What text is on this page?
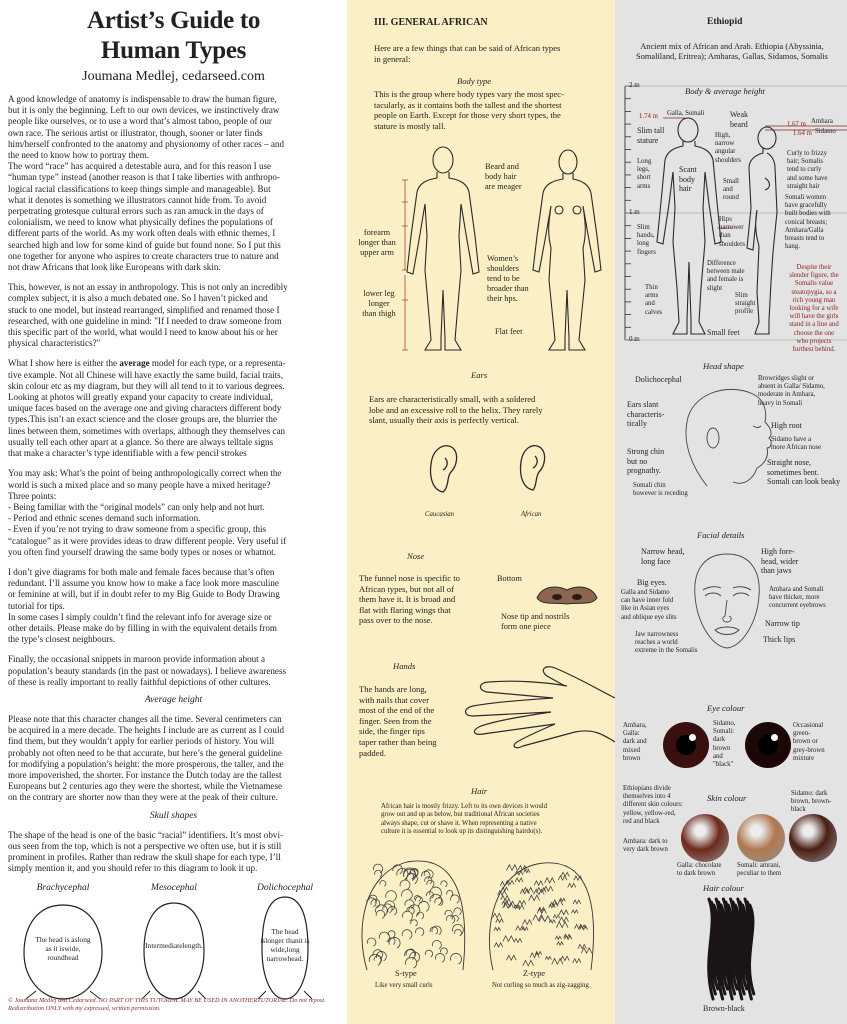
Artist’s Guide to
Human Types
Joumana Medlej, cedarseed.com
A good knowledge of anatomy is indispensable to draw the human figure,
but it is only the beginning. Left to our own devices, we instinctively draw
people like ourselves, or to use a word that’s almost taboo, people of our
own race. The serious artist or illustrator, though, sooner or later finds
him/herself confronted to the anatomy and physionomy of other races – and
the need to know how to portray them.
The word “race” has acquired a detestable aura, and for this reason I use
“human type” instead (another reason is that I take liberties with anthropo-
logical racial classifications to keep things simple and manageable). But
what it denotes is something we illustrators cannot hide from. To avoid
perpetrating grotesque cultural errors such as ran amuck in the days of
colonialism, we need to know what physically defines the populations of
different parts of the world. As my work often deals with ethnic themes, I
searched high and low for some kind of guide but found none. So I put this
one together for anyone who aspires to create characters true to nature and
not draw Africans that look like Europeans with dark skin.
This, however, is not an essay in anthropology. This is not only an incredibly
complex subject, it is also a much debated one. So I haven’t picked and
stuck to one model, but instead rearranged, simplified and renamed those I
researched, with one guideline in mind: "If I needed to draw someone from
this specific part of the world, what would I need to know about his or her
physical characteristics?"
What I show here is either the average model for each type, or a representa-
tive example. Not all Chinese will have exactly the same build, facial traits,
skin colour etc as my diagram, but they will all tend to it to various degrees.
Looking at photos will greatly expand your capacity to create individual,
unique faces based on the average one and giving characters different body
types.This isn’t an exact science and the closer groups are, the blurrier the
lines between them, sometimes with overlaps, although they themselves can
usually tell each other apart at a glance. So there are always telltale signs
that make a character’s type identifiable with a few pencil strokes
You may ask: What’s the point of being anthropologically correct when the
world is such a mixed place and so many people have a mixed heritage?
Three points:
- Being familiar with the “original models” can only help and not hurt.
- Period and ethnic scenes demand such information.
- Even if you’re not trying to draw someone from a specific group, this
“catalogue” as it were provides ideas to draw different people. Very useful if
you often find yourself drawing the same body types or noses or whatnot.
I don’t give diagrams for both male and female faces because that’s often
redundant. I’ll assume you know how to make a face look more masculine
or feminine at will, but if in doubt refer to my Big Guide to Body Drawing
tutorial for tips.
In some cases I simply couldn’t find the relevant info for average size or
other details. Please make do by filling in with the equivalent details from
the type’s closest neighbours.
Finally, the occasional snippets in maroon provide information about a
population’s beauty standards (in the past or nowadays). I believe awareness
of these is really important to really faithful depictions of other cultures.
Average height
Please note that this character changes all the time. Several centimeters can
be acquired in a mere decade. The heights I include are as current as I could
find them, but they wouldn’t apply for earlier periods of history. You will
probably not often need to be that accurate, but here’s the general guideline
for modifying a population’s height: the more prosperous, the taller, and the
more impoverished, the shorter. For instance the Dutch today are the tallest
Europeans but 2 centuries ago they were the shortest, while the Vietnamese
on the contrary are shorter now than they were at the peak of their culture.
Skull shapes
The shape of the head is one of the basic “racial” identifiers. It’s most obvi-
ous seen from the top, which is not a perspective we often use, but it is still
prominent in profiles. Rather than redraw the skull shape for each type, I’ll
simply mention it, and you should refer to this diagram to look it up.
Brachycephal	Mesocephal	Dolichocephal
The head is aslong as it iswide, roundhead
Intermediatelength.
The head islonger thanit is wide,long narrowhead.
© Joumana Medlej aka Cedarseed. NO PART OF THIS TUTORIAL MAY BE USED IN ANOTHERTUTORIAL. Do not repost. Redistribution ONLY with my expressed, written permission.
III. GENERAL AFRICAN
Here are a few things that can be said of African types
in general:
Body type
This is the group where body types vary the most spec-
tacularly, as it contains both the tallest and the shortest
people on Earth. Except for those very short types, the
stature is mostly tall.
forearm
longer than
upper arm
lower leg
longer
than thigh
Beard and
body hair
are meager
Women’s
shoulders
tend to be
broader than
their hps.
Flat feet
Ears
Ears are characteristically small, with a soldered
lobe and an excessive roll to the helix. They rarely
slant, usually their axis is perfectly vertical.
Caucasian	African
Nose
The funnel nose is specific to
African types, but not all of
them have it. It is broad and
flat with flaring wings that
pass over to the nose.
Bottom
Nose tip and nostrils
form one piece
Hands
The hands are long,
with nails that cover
most of the end of the
finger. Seen from the
side, the finger tips
taper rather than being
padded.
Hair
African hair is mostly frizzy. Left to its own devices it would
grow out and up as below, but traditional African societies
always shape, cut or shave it. When representing a native
culture it is essential to look up its distinguishing hairdo(s).
S-type
Like very small curls
Z-type
Not curling so much as zig-zagging
Ethiopid
Ancient mix of African and Arab. Ethiopia (Abyssinia,
Somaliland, Eritrea); Amharas, Gallas, Sidamos, Somalis
Body & average height
2 m
1 m
0 m
1.74 m Galla, Somali
1.67 m Amhara
1.64 m Sidamo
Slim tall
stature
Weak
beard
High,
narrow
angular
shoulders
Long
legs,
short
arms
Scant
body
hair
Small
and
round
Slim
hands,
long
fingers
Hips
narrower
than
shoulders
Difference
between male
and female is
slight
Thin
arms
and
calves
Slim
straight
profile
Small feet
Curly to frizzy
hair; Somalis
tend to curly
and some have
straight hair
Somali women
have gracefully
built bodies with
conical breasts;
Amhara/Galla
breasts tend to
hang.
Despite their
slender figure, the
Somalis value
steatopygia, so a
rich young man
looking for a wife
will have the girls
stand in a line and
choose the one
who projects
furthest behind.
Head shape
Dolichocephal	Browridges slight or
absent in Galla/ Sidamo,
moderate in Amhara,
heavy in Somali
Ears slant
characteris-
tically	High root
Sidamo have a
more African nose
Strong chin
but no
prognathy.
Somali chin
however is receding
Straight nose,
sometimes bent.
Somali can look beaky
Facial details
Narrow head,
long face
High fore-
head, wider
than jaws
Big eyes.
Galla and Sidamo
can have inner fold
like in Asian eyes
and oblique eye slits
Amhara and Somali
have thicker, more
concurrent eyebrows
Narrow tip
Jaw narrowness
reaches a world
extreme in the Somalis
Thick lips
Eye colour
Amhara,
Galla:
dark and
mixed
brown
Sidamo,
Somali:
dark
brown
and
"black"
Occasional
green-
brown or
grey-brown
mixture
Ethiopians divide
themselves into 4
different skin colours:
yellow, yellow-red,
red and black
Skin colour	Sidamo: dark
brown, brown-
black
Amhara: dark to
very dark brown
Galla: chocolate
to dark brown
Somali: amrani,
peculiar to them
Hair colour
Brown-black
